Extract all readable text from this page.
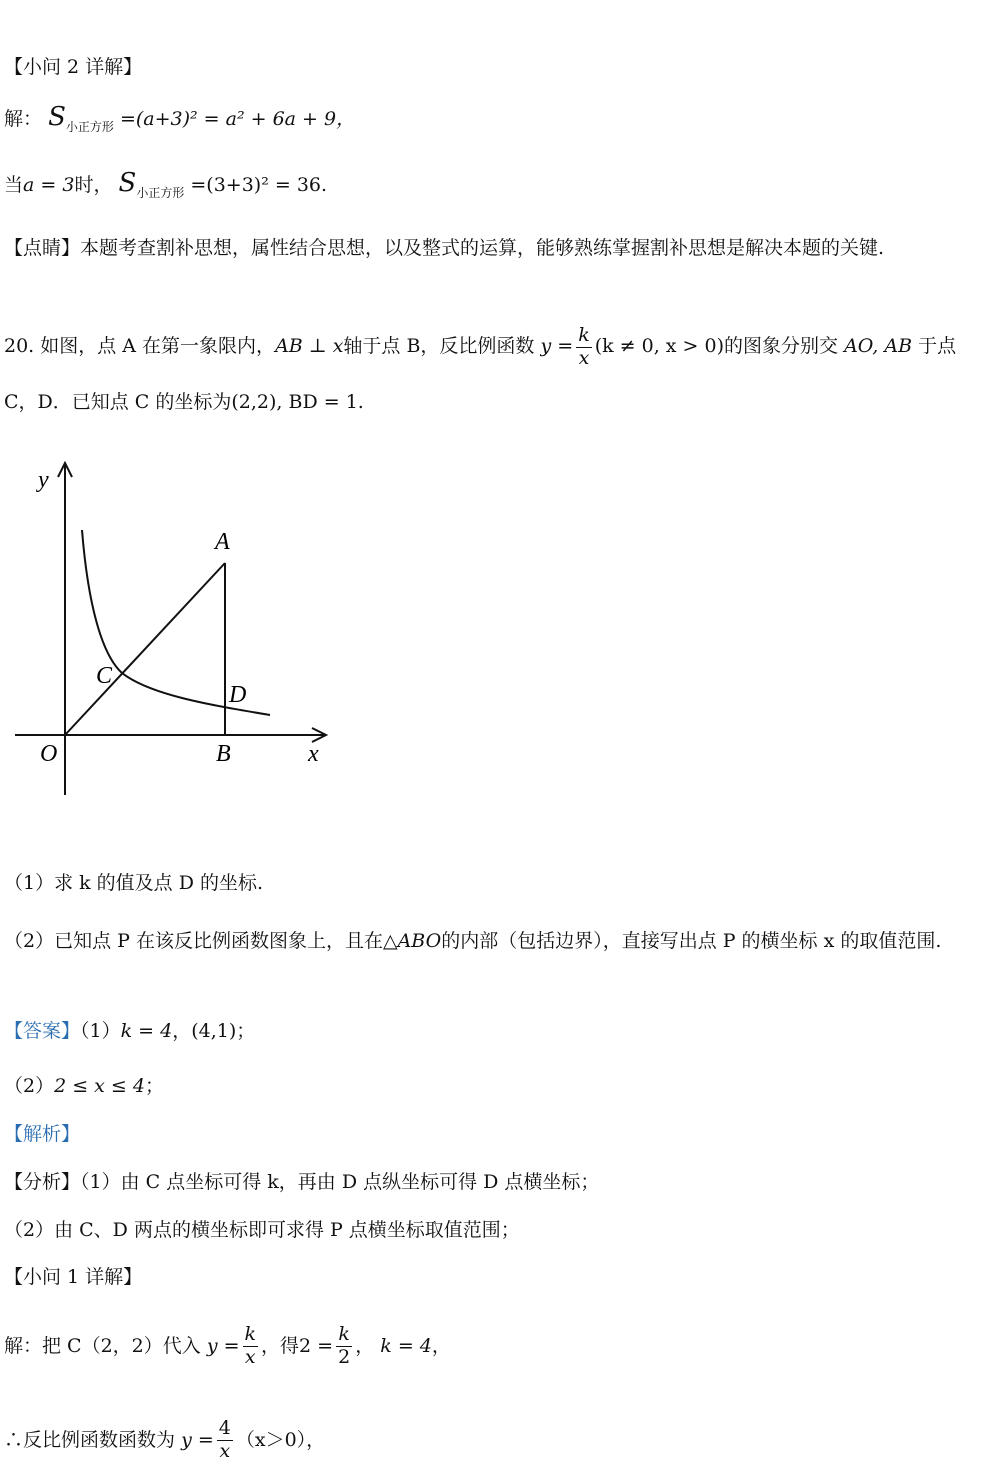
【小问 2 详解】
解： $S_{小正方形} =(a+3)^2 = a^2 + 6a + 9$，
当a = 3时， $S_{小正方形} =(3+3)^2 = 36$.
【点睛】本题考查割补思想，属性结合思想，以及整式的运算，能够熟练掌握割补思想是解决本题的关键.
20. 如图，点 A 在第一象限内，AB ⊥ x轴于点 B，反比例函数 $y = \frac{k}{x} (k \ne 0$, x > 0)的图象分别交 AO, AB 于点 C，D．已知点 C 的坐标为(2,2), BD = 1.
y
x
O
A
B
C
D
（1）求 k 的值及点 D 的坐标.
（2）已知点 P 在该反比例函数图象上，且在△ABO的内部（包括边界），直接写出点 P 的横坐标 x 的取值范围.
【答案】（1）k = 4，(4,1)；
（2）2 ≤ x ≤ 4；
【解析】
【分析】（1）由 C 点坐标可得 k，再由 D 点纵坐标可得 D 点横坐标；
（2）由 C、D 两点的横坐标即可求得 P 点横坐标取值范围；
【小问 1 详解】
解：把 C（2，2）代入
$y = \frac{k}{x}$ ，得 $2 = \frac{k}{2}$ ，
k = 4 ，
∴反比例函数函数为
$y = \frac{4}{x} (x>0)$，
